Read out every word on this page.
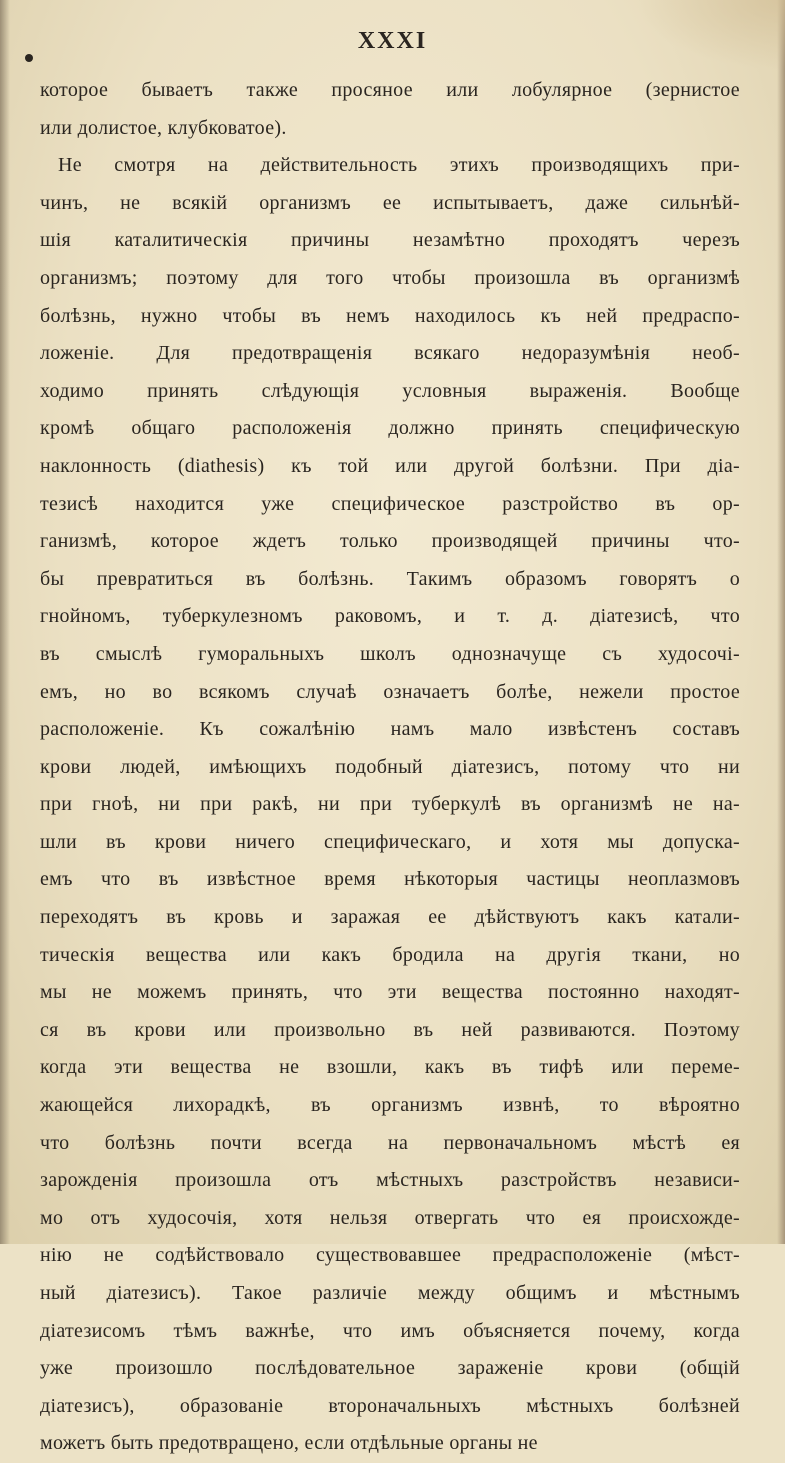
XXXI
которое бываетъ также просяное или лобулярное (зернистое
или долистое, клубковатое).
Не смотря на действительность этихъ производящихъ при-
чинъ, не всякiй организмъ ее испытываетъ, даже сильнѣй-
шiя каталитическiя причины незамѣтно проходятъ черезъ
организмъ; поэтому для того чтобы произошла въ организмѣ
болѣзнь, нужно чтобы въ немъ находилось къ ней предраспо-
ложенiе. Для предотвращенiя всякаго недоразумѣнiя необ-
ходимо принять слѣдующiя условныя выраженiя. Вообще
кромѣ общаго расположенiя должно принять специфическую
наклонность (diathesis) къ той или другой болѣзни. При дiа-
тезисѣ находится уже специфическое разстройство въ ор-
ганизмѣ, которое ждетъ только производящей причины что-
бы превратиться въ болѣзнь. Такимъ образомъ говорятъ о
гнойномъ, туберкулезномъ раковомъ, и т. д. дiатезисѣ, что
въ смыслѣ гуморальныхъ школъ однозначуще съ худосочi-
емъ, но во всякомъ случаѣ означаетъ болѣе, нежели простое
расположенiе. Къ сожалѣнiю намъ мало извѣстенъ составъ
крови людей, имѣющихъ подобный дiатезисъ, потому что ни
при гноѣ, ни при ракѣ, ни при туберкулѣ въ организмѣ не на-
шли въ крови ничего специфическаго, и хотя мы допуска-
емъ что въ извѣстное время нѣкоторыя частицы неоплазмовъ
переходятъ въ кровь и заражая ее дѣйствуютъ какъ катали-
тическiя вещества или какъ бродила на другiя ткани, но
мы не можемъ принять, что эти вещества постоянно находят-
ся въ крови или произвольно въ ней развиваются. Поэтому
когда эти вещества не взошли, какъ въ тифѣ или переме-
жающейся лихорадкѣ, въ организмъ извнѣ, то вѣроятно
что болѣзнь почти всегда на первоначальномъ мѣстѣ ея
зарожденiя произошла отъ мѣстныхъ разстройствъ независи-
мо отъ худосочiя, хотя нельзя отвергать что ея происхожде-
нiю не содѣйствовало существовавшее предрасположенiе (мѣст-
ный дiатезисъ). Такое различiе между общимъ и мѣстнымъ
дiатезисомъ тѣмъ важнѣе, что имъ объясняется почему, когда
уже произошло послѣдовательное зараженiе крови (общiй
дiатезисъ), образованiе второначальныхъ мѣстныхъ болѣзней
можетъ быть предотвращено, если отдѣльные органы не
